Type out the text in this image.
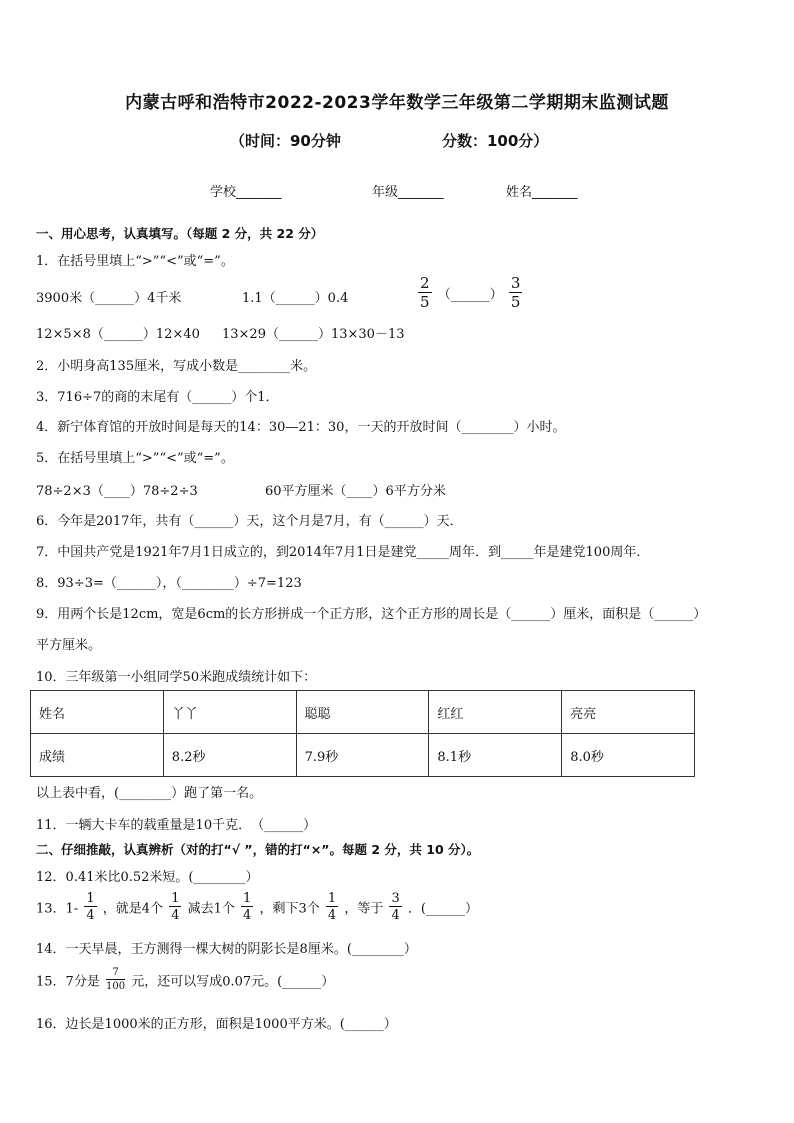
内蒙古呼和浩特市2022-2023学年数学三年级第二学期期末监测试题
（时间：90分钟	分数：100分）
学校_______	年级_______	姓名_______
一、用心思考，认真填写。（每题 2 分，共 22 分）
1．在括号里填上“>”“<”或“=”。
3900米（______）4千米	1.1（______）0.4	$\frac{2}{5}$ （______） $\frac{3}{5}$
12×5×8（______）12×40 13×29（______）13×30－13
2．小明身高135厘米，写成小数是________米。
3．716÷7的商的末尾有（______）个1．
4．新宁体育馆的开放时间是每天的14：30—21：30，一天的开放时间（________）小时。
5．在括号里填上“>”“<”或“=”。
78÷2×3（____）78÷2÷3	60平方厘米（____）6平方分米
6．今年是2017年，共有（______）天，这个月是7月，有（______）天．
7．中国共产党是1921年7月1日成立的，到2014年7月1日是建党_____周年．到_____年是建党100周年．
8．93÷3=（______），（________）÷7=123
9．用两个长是12cm，宽是6cm的长方形拼成一个正方形，这个正方形的周长是（______）厘米，面积是（______）
平方厘米。
10．三年级第一小组同学50米跑成绩统计如下：
姓名	丫丫	聪聪	红红	亮亮
成绩	8.2秒	7.9秒	8.1秒	8.0秒
以上表中看，(________）跑了第一名。
11．一辆大卡车的载重量是10千克．　（______）
二、仔细推敲，认真辨析（对的打“√ ”，错的打“×”。每题 2 分，共 10 分）。
12．0.41米比0.52米短。(________）
13．$1- \frac{1}{4}$ ，就是4个 $\frac{1}{4}$ 减去1个 $\frac{1}{4}$ ，剩下3个 $\frac{1}{4}$ ，等于 $\frac{3}{4}$ ．(______）
14．一天早晨，王方测得一棵大树的阴影长是8厘米。(________）
15．7分是 $\frac{7}{100}$ 元，还可以写成0.07元。(______）
16．边长是1000米的正方形，面积是1000平方米。(______）
